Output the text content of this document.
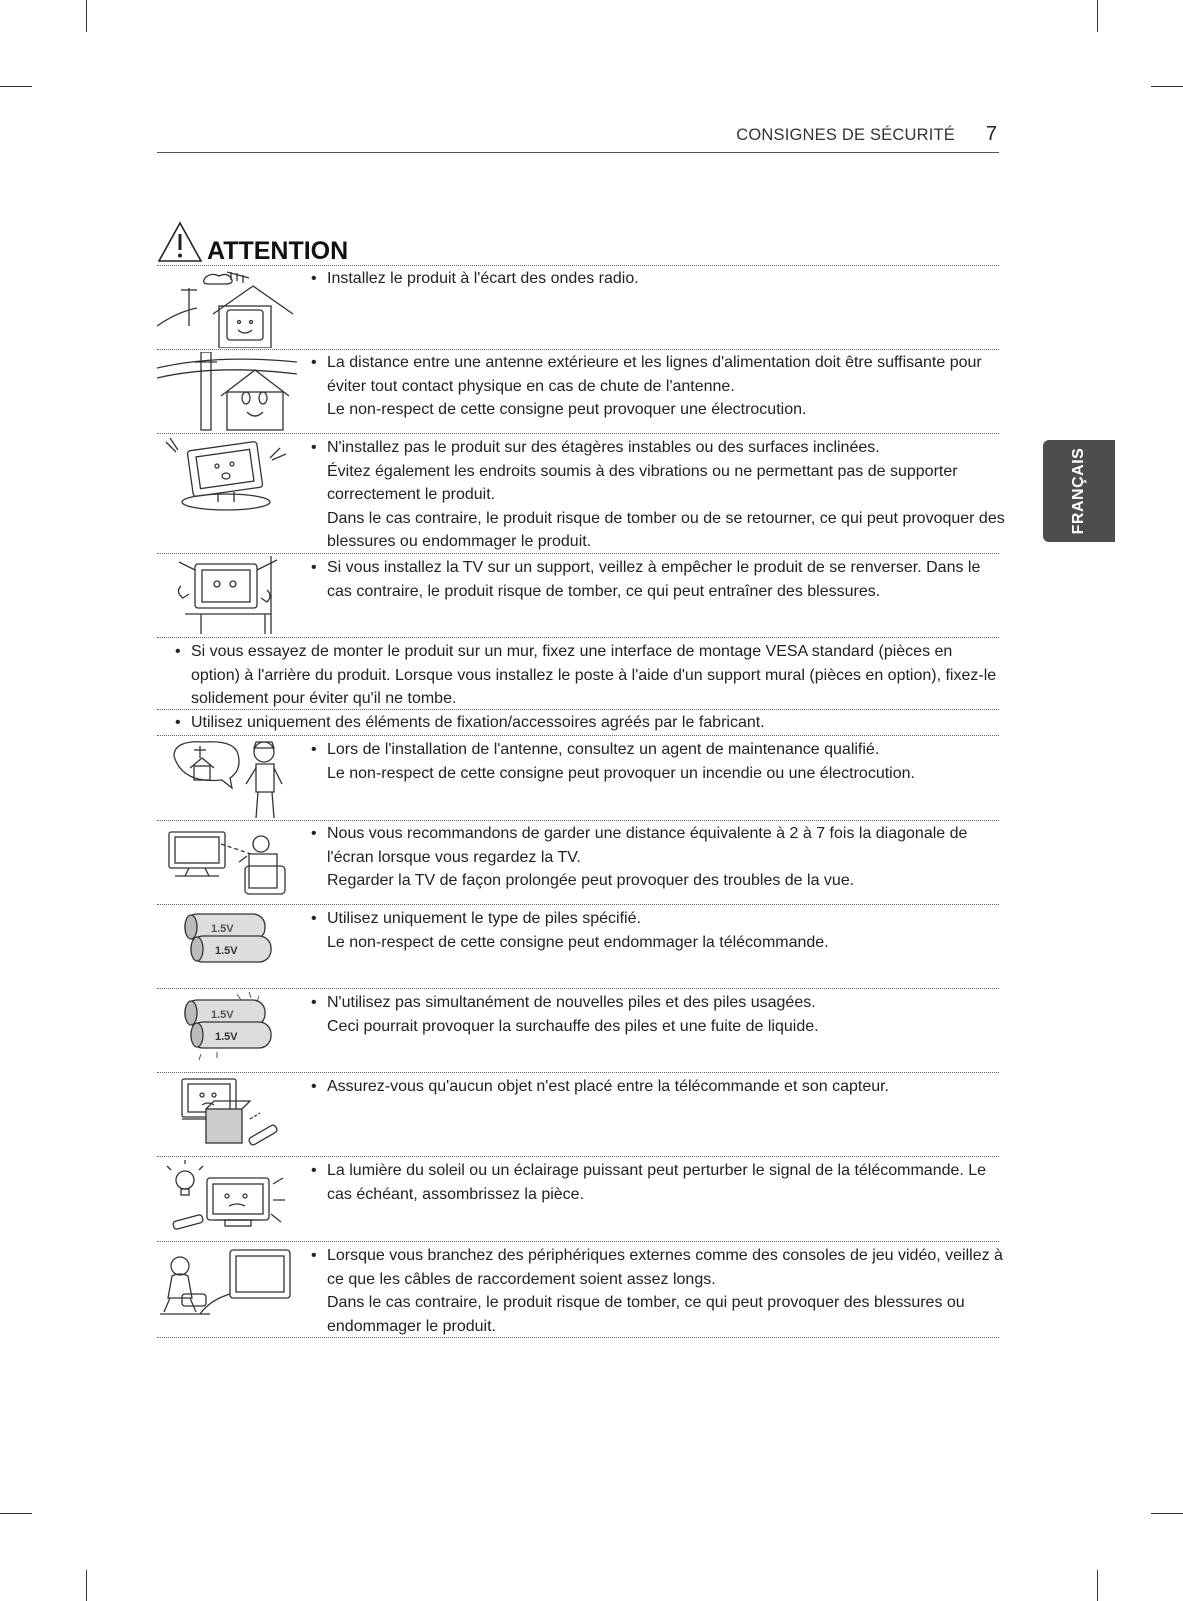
CONSIGNES DE SÉCURITÉ 7
FRANÇAIS
ATTENTION
1.5V
1.5V
1.5V
1.5V
• Installez le produit à l'écart des ondes radio.

• La distance entre une antenne extérieure et les lignes d'alimentation doit être suffisante pour éviter tout contact physique en cas de chute de l'antenne.

Le non-respect de cette consigne peut provoquer une électrocution.

• N'installez pas le produit sur des étagères instables ou des surfaces inclinées.

Évitez également les endroits soumis à des vibrations ou ne permettant pas de supporter correctement le produit.

Dans le cas contraire, le produit risque de tomber ou de se retourner, ce qui peut provoquer des blessures ou endommager le produit.

• Si vous installez la TV sur un support, veillez à empêcher le produit de se renverser. Dans le cas contraire, le produit risque de tomber, ce qui peut entraîner des blessures.

• Si vous essayez de monter le produit sur un mur, fixez une interface de montage VESA standard (pièces en option) à l'arrière du produit. Lorsque vous installez le poste à l'aide d'un support mural (pièces en option), fixez-le solidement pour éviter qu'il ne tombe.

• Utilisez uniquement des éléments de fixation/accessoires agréés par le fabricant.

• Lors de l'installation de l'antenne, consultez un agent de maintenance qualifié.

Le non-respect de cette consigne peut provoquer un incendie ou une électrocution.

• Nous vous recommandons de garder une distance équivalente à 2 à 7 fois la diagonale de l'écran lorsque vous regardez la TV.

Regarder la TV de façon prolongée peut provoquer des troubles de la vue.

• Utilisez uniquement le type de piles spécifié.

Le non-respect de cette consigne peut endommager la télécommande.

• N'utilisez pas simultanément de nouvelles piles et des piles usagées.

Ceci pourrait provoquer la surchauffe des piles et une fuite de liquide.

• Assurez-vous qu'aucun objet n'est placé entre la télécommande et son capteur.

• La lumière du soleil ou un éclairage puissant peut perturber le signal de la télécommande. Le cas échéant, assombrissez la pièce.

• Lorsque vous branchez des périphériques externes comme des consoles de jeu vidéo, veillez à ce que les câbles de raccordement soient assez longs.

Dans le cas contraire, le produit risque de tomber, ce qui peut provoquer des blessures ou endommager le produit.
